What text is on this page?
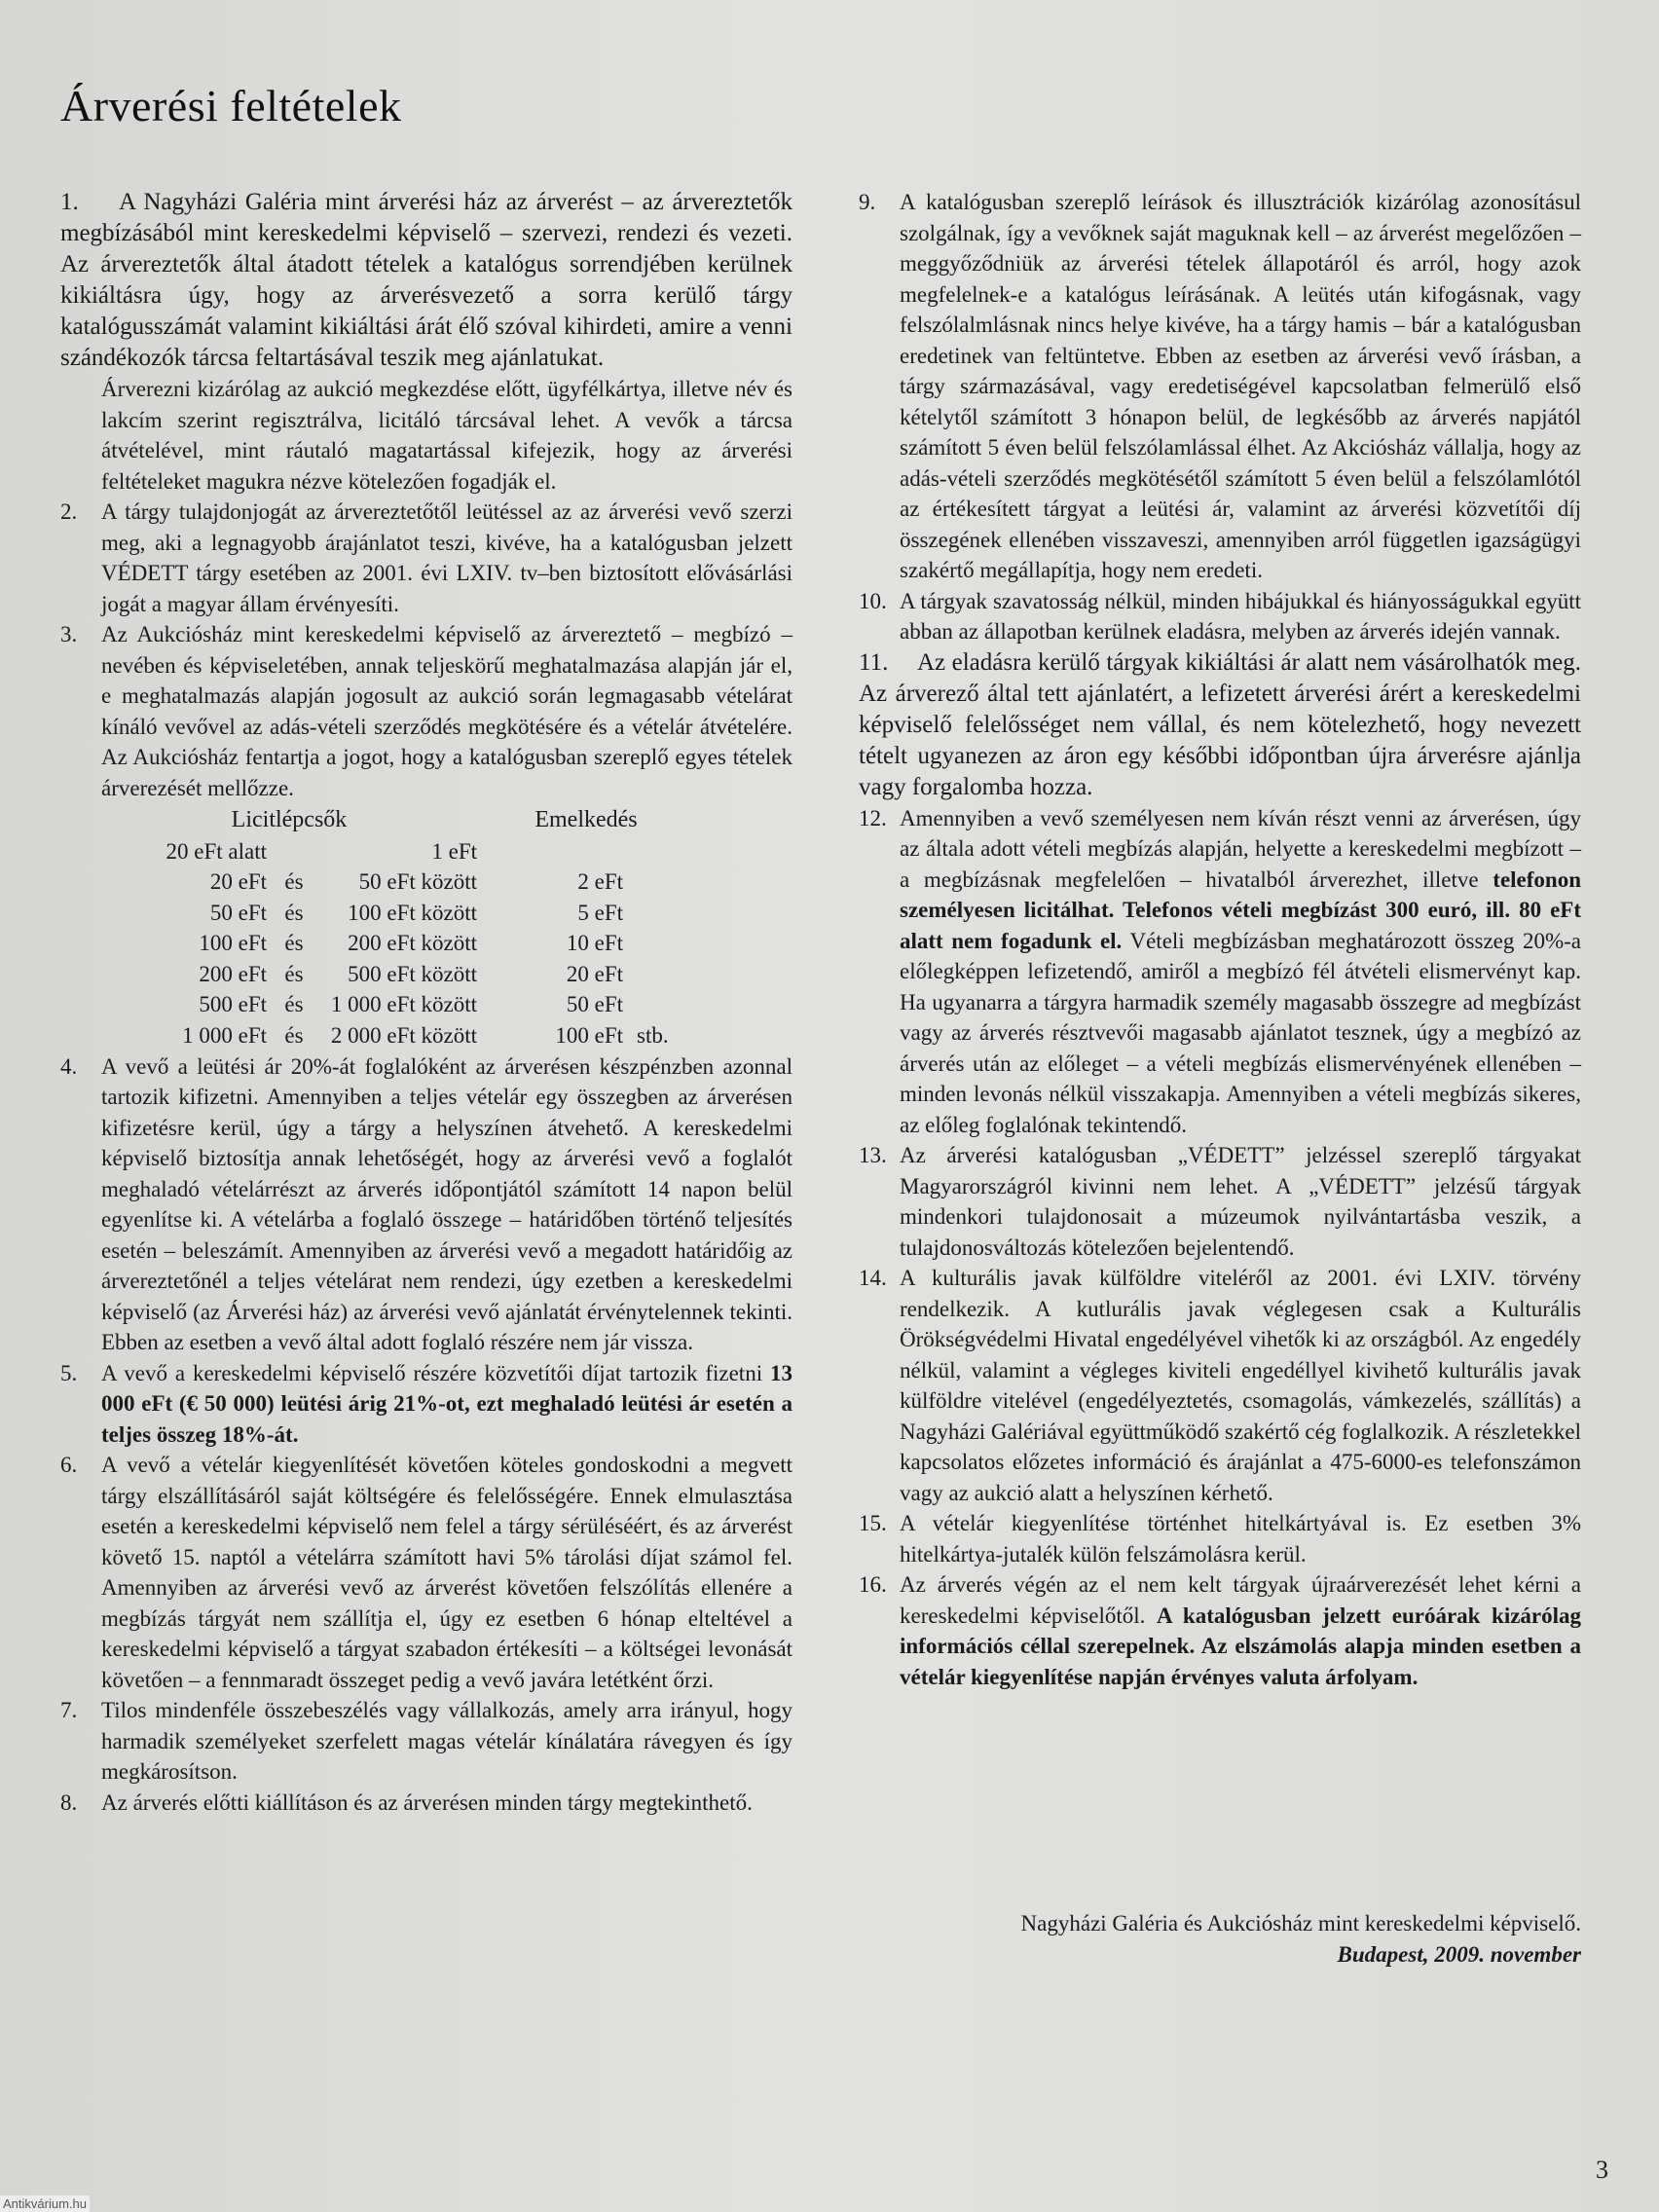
Árverési feltételek
1.	A Nagyházi Galéria mint árverési ház az árverést – az árvereztetők megbízásából mint kereskedelmi képviselő – szervezi, rendezi és vezeti. Az árvereztetők által átadott tételek a katalógus sorrendjében kerülnek kikiáltásra úgy, hogy az árverésvezető a sorra kerülő tárgy katalógusszámát valamint kikiáltási árát élő szóval kihirdeti, amire a venni szándékozók tárcsa feltartásával teszik meg ajánlatukat.

Árverezni kizárólag az aukció megkezdése előtt, ügyfélkártya, illetve név és lakcím szerint regisztrálva, licitáló tárcsával lehet. A vevők a tárcsa átvételével, mint ráutaló magatartással kifejezik, hogy az árverési feltételeket magukra nézve kötelezően fogadják el.

2. A tárgy tulajdonjogát az árvereztetőtől leütéssel az az árverési vevő szerzi meg, aki a legnagyobb árajánlatot teszi, kivéve, ha a katalógusban jelzett VÉDETT tárgy esetében az 2001. évi LXIV. tv–ben biztosított elővásárlási jogát a magyar állam érvényesíti.
3. Az Aukciósház mint kereskedelmi képviselő az árvereztető – megbízó – nevében és képviseletében, annak teljeskörű meghatalmazása alapján jár el, e meghatalmazás alapján jogosult az aukció során legmagasabb vételárat kínáló vevővel az adás-vételi szerződés megkötésére és a vételár átvételére. Az Aukciósház fentartja a jogot, hogy a katalógusban szereplő egyes tételek árverezését mellőzze.
Licitlépcsők			Emelkedés	
20 eFt alatt		1 eFt		
20 eFt	és	50 eFt között	2 eFt	
50 eFt	és	100 eFt között	5 eFt	
100 eFt	és	200 eFt között	10 eFt	
200 eFt	és	500 eFt között	20 eFt	
500 eFt	és	1 000 eFt között	50 eFt	
1 000 eFt	és	2 000 eFt között	100 eFt	stb.
4. A vevő a leütési ár 20%-át foglalóként az árverésen készpénzben azonnal tartozik kifizetni. Amennyiben a teljes vételár egy összegben az árverésen kifizetésre kerül, úgy a tárgy a helyszínen átvehető. A kereskedelmi képviselő biztosítja annak lehetőségét, hogy az árverési vevő a foglalót meghaladó vételárrészt az árverés időpontjától számított 14 napon belül egyenlítse ki. A vételárba a foglaló összege – határidőben történő teljesítés esetén – beleszámít. Amennyiben az árverési vevő a megadott határidőig az árvereztetőnél a teljes vételárat nem rendezi, úgy ezetben a kereskedelmi képviselő (az Árverési ház) az árverési vevő ajánlatát érvénytelennek tekinti. Ebben az esetben a vevő által adott foglaló részére nem jár vissza.
5. A vevő a kereskedelmi képviselő részére közvetítői díjat tartozik fizetni 13 000 eFt (€ 50 000) leütési árig 21%-ot, ezt meghaladó leütési ár esetén a teljes összeg 18%-át.
6. A vevő a vételár kiegyenlítését követően köteles gondoskodni a megvett tárgy elszállításáról saját költségére és felelősségére. Ennek elmulasztása esetén a kereskedelmi képviselő nem felel a tárgy sérüléséért, és az árverést követő 15. naptól a vételárra számított havi 5% tárolási díjat számol fel. Amennyiben az árverési vevő az árverést követően felszólítás ellenére a megbízás tárgyát nem szállítja el, úgy ez esetben 6 hónap elteltével a kereskedelmi képviselő a tárgyat szabadon értékesíti – a költségei levonását követően – a fennmaradt összeget pedig a vevő javára letétként őrzi.
7. Tilos mindenféle összebeszélés vagy vállalkozás, amely arra irányul, hogy harmadik személyeket szerfelett magas vételár kínálatára rávegyen és így megkárosítson.
8. Az árverés előtti kiállításon és az árverésen minden tárgy megtekinthető.
9. A katalógusban szereplő leírások és illusztrációk kizárólag azonosításul szolgálnak, így a vevőknek saját maguknak kell – az árverést megelőzően – meggyőződniük az árverési tételek állapotáról és arról, hogy azok megfelelnek-e a katalógus leírásának. A leütés után kifogásnak, vagy felszólalmlásnak nincs helye kivéve, ha a tárgy hamis – bár a katalógusban eredetinek van feltüntetve. Ebben az esetben az árverési vevő írásban, a tárgy származásával, vagy eredetiségével kapcsolatban felmerülő első kételytől számított 3 hónapon belül, de legkésőbb az árverés napjától számított 5 éven belül felszólamlással élhet. Az Akciósház vállalja, hogy az adás-vételi szerződés megkötésétől számított 5 éven belül a felszólamlótól az értékesített tárgyat a leütési ár, valamint az árverési közvetítői díj összegének ellenében visszaveszi, amennyiben arról független igazságügyi szakértő megállapítja, hogy nem eredeti.
10. A tárgyak szavatosság nélkül, minden hibájukkal és hiányosságukkal együtt abban az állapotban kerülnek eladásra, melyben az árverés idején vannak.
11.	Az eladásra kerülő tárgyak kikiáltási ár alatt nem vásárolhatók meg. Az árverező által tett ajánlatért, a lefizetett árverési árért a kereskedelmi képviselő felelősséget nem vállal, és nem kötelezhető, hogy nevezett tételt ugyanezen az áron egy későbbi időpontban újra árverésre ajánlja vagy forgalomba hozza.
12. Amennyiben a vevő személyesen nem kíván részt venni az árverésen, úgy az általa adott vételi megbízás alapján, helyette a kereskedelmi megbízott – a megbízásnak megfelelően – hivatalból árverezhet, illetve telefonon személyesen licitálhat. Telefonos vételi megbízást 300 euró, ill. 80 eFt alatt nem fogadunk el. Vételi megbízásban meghatározott összeg 20%-a előlegképpen lefizetendő, amiről a megbízó fél átvételi elismervényt kap. Ha ugyanarra a tárgyra harmadik személy magasabb összegre ad megbízást vagy az árverés résztvevői magasabb ajánlatot tesznek, úgy a megbízó az árverés után az előleget – a vételi megbízás elismervényének ellenében – minden levonás nélkül visszakapja. Amennyiben a vételi megbízás sikeres, az előleg foglalónak tekintendő.
13. Az árverési katalógusban „VÉDETT” jelzéssel szereplő tárgyakat Magyarországról kivinni nem lehet. A „VÉDETT” jelzésű tárgyak mindenkori tulajdonosait a múzeumok nyilvántartásba veszik, a tulajdonosváltozás kötelezően bejelentendő.
14. A kulturális javak külföldre viteléről az 2001. évi LXIV. törvény rendelkezik. A kutlurális javak véglegesen csak a Kulturális Örökségvédelmi Hivatal engedélyével vihetők ki az országból. Az engedély nélkül, valamint a végleges kiviteli engedéllyel kivihető kulturális javak külföldre vitelével (engedélyeztetés, csomagolás, vámkezelés, szállítás) a Nagyházi Galériával együttműködő szakértő cég foglalkozik. A részletekkel kapcsolatos előzetes információ és árajánlat a 475-6000-es telefonszámon vagy az aukció alatt a helyszínen kérhető.
15. A vételár kiegyenlítése történhet hitelkártyával is. Ez esetben 3% hitelkártya-jutalék külön felszámolásra kerül.
16. Az árverés végén az el nem kelt tárgyak újraárverezését lehet kérni a kereskedelmi képviselőtől. A katalógusban jelzett euróárak kizárólag információs céllal szerepelnek. Az elszámolás alapja minden esetben a vételár kiegyenlítése napján érvényes valuta árfolyam.
Nagyházi Galéria és Aukciósház mint kereskedelmi képviselő.
Budapest, 2009. november
3
Antikvárium.hu
